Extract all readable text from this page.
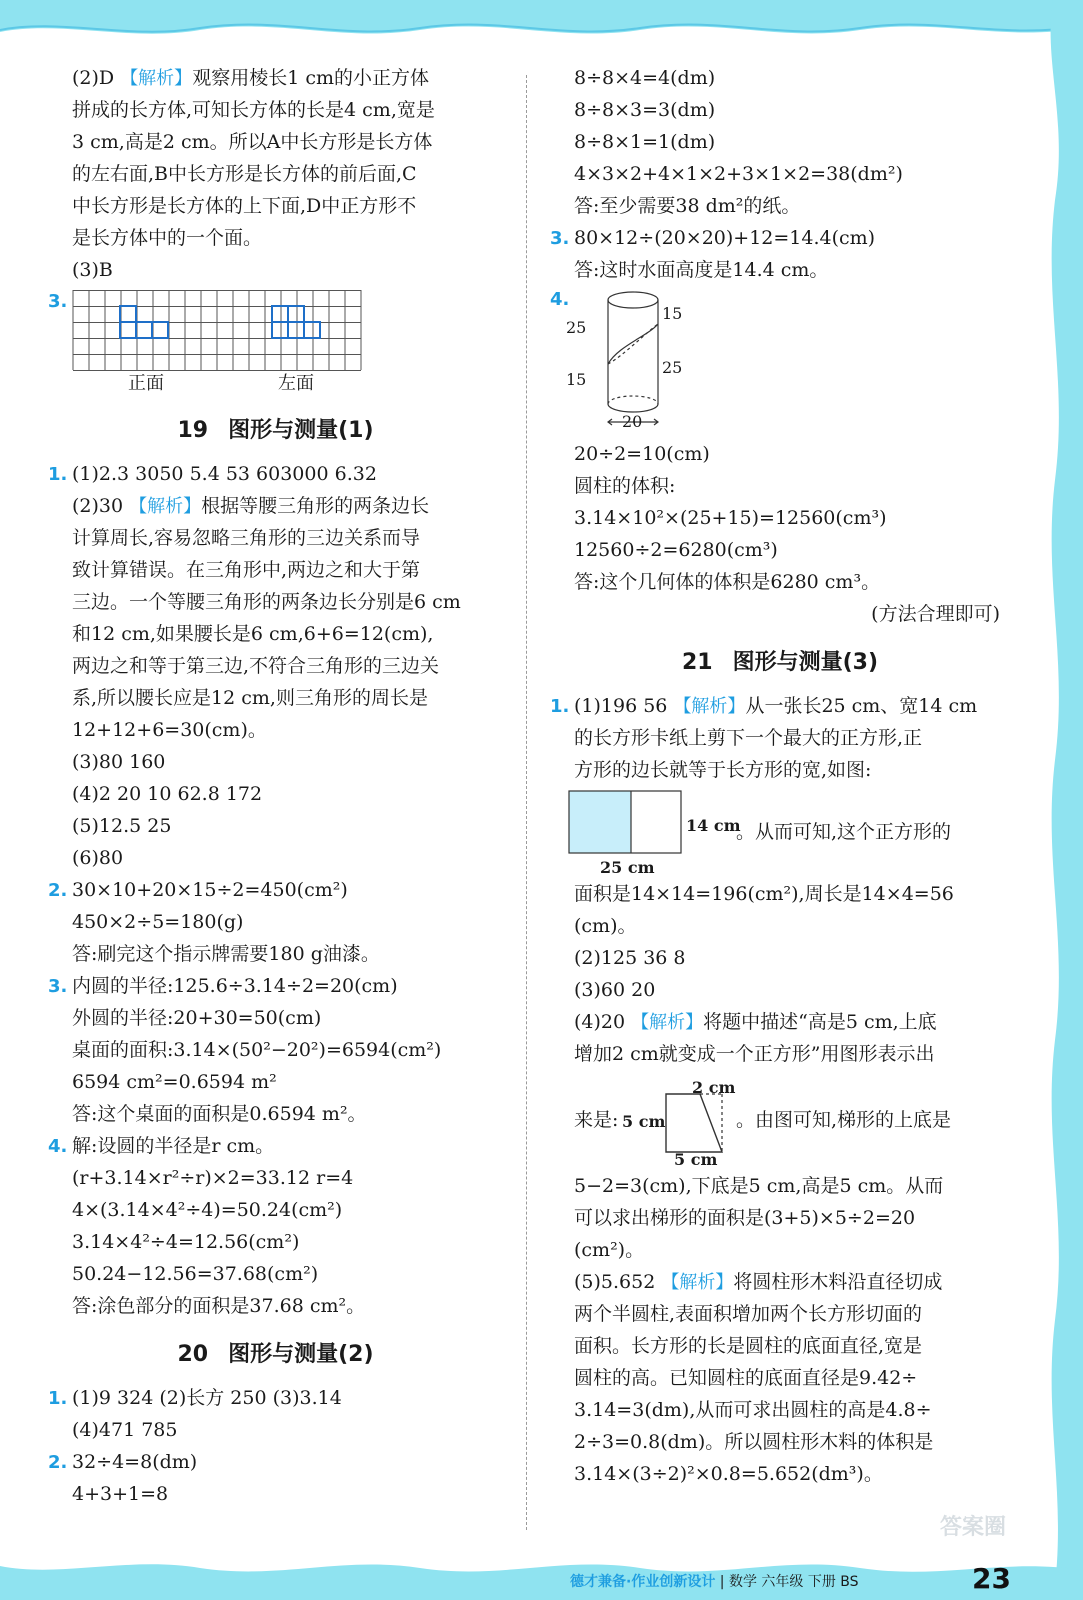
(2)D 【解析】观察用棱长1 cm的小正方体
拼成的长方体,可知长方体的长是4 cm,宽是
3 cm,高是2 cm。所以A中长方形是长方体
的左右面,B中长方形是长方体的前后面,C
中长方形是长方体的上下面,D中正方形不
是长方体中的一个面。
(3)B
3.
正面	左面
19 图形与测量(1)
1. (1)2.3 3050 5.4 53 603000 6.32
(2)30 【解析】根据等腰三角形的两条边长
计算周长,容易忽略三角形的三边关系而导
致计算错误。在三角形中,两边之和大于第
三边。一个等腰三角形的两条边长分别是6 cm
和12 cm,如果腰长是6 cm,6+6=12(cm),
两边之和等于第三边,不符合三角形的三边关
系,所以腰长应是12 cm,则三角形的周长是
12+12+6=30(cm)。
(3)80 160
(4)2 20 10 62.8 172
(5)12.5 25
(6)80
2. 30×10+20×15÷2=450(cm²)
450×2÷5=180(g)
答:刷完这个指示牌需要180 g油漆。
3. 内圆的半径:125.6÷3.14÷2=20(cm)
外圆的半径:20+30=50(cm)
桌面的面积:3.14×(50²−20²)=6594(cm²)
6594 cm²=0.6594 m²
答:这个桌面的面积是0.6594 m²。
4. 解:设圆的半径是r cm。
(r+3.14×r²÷r)×2=33.12 r=4
4×(3.14×4²÷4)=50.24(cm²)
3.14×4²÷4=12.56(cm²)
50.24−12.56=37.68(cm²)
答:涂色部分的面积是37.68 cm²。
20 图形与测量(2)
1. (1)9 324 (2)长方 250 (3)3.14
(4)471 785
2. 32÷4=8(dm)
4+3+1=8
8÷8×4=4(dm)
8÷8×3=3(dm)
8÷8×1=1(dm)
4×3×2+4×1×2+3×1×2=38(dm²)
答:至少需要38 dm²的纸。
3. 80×12÷(20×20)+12=14.4(cm)
答:这时水面高度是14.4 cm。
4.
25
15
15
25
20
20÷2=10(cm)
圆柱的体积:
3.14×10²×(25+15)=12560(cm³)
12560÷2=6280(cm³)
答:这个几何体的体积是6280 cm³。
(方法合理即可)
21 图形与测量(3)
1. (1)196 56 【解析】从一张长25 cm、宽14 cm
的长方形卡纸上剪下一个最大的正方形,正
方形的边长就等于长方形的宽,如图:
14 cm
25 cm
。从而可知,这个正方形的
面积是14×14=196(cm²),周长是14×4=56
(cm)。
(2)125 36 8
(3)60 20
(4)20 【解析】将题中描述“高是5 cm,上底
增加2 cm就变成一个正方形”用图形表示出
来是: 5 cm
2 cm
5 cm
。由图可知,梯形的上底是
5−2=3(cm),下底是5 cm,高是5 cm。从而
可以求出梯形的面积是(3+5)×5÷2=20
(cm²)。
(5)5.652 【解析】将圆柱形木料沿直径切成
两个半圆柱,表面积增加两个长方形切面的
面积。长方形的长是圆柱的底面直径,宽是
圆柱的高。已知圆柱的底面直径是9.42÷
3.14=3(dm),从而可求出圆柱的高是4.8÷
2÷3=0.8(dm)。所以圆柱形木料的体积是
3.14×(3÷2)²×0.8=5.652(dm³)。
答案圈
德才兼备·作业创新设计 | 数学 六年级 下册 BS	23
